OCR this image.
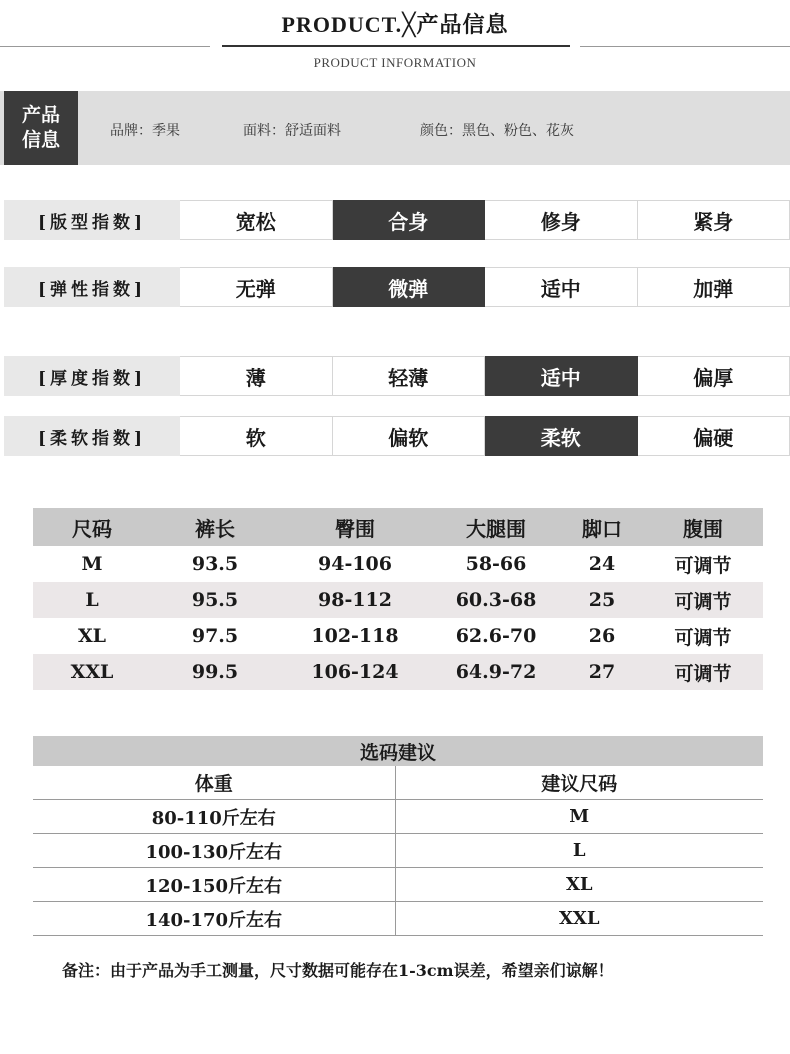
PRODUCT.╳产品信息
PRODUCT INFORMATION
产品信息	品牌：季果	面料：舒适面料	颜色：黑色、粉色、花灰
[版型指数]	宽松	合身	修身	紧身
[弹性指数]	无弹	微弹	适中	加弹
[厚度指数]	薄	轻薄	适中	偏厚
[柔软指数]	软	偏软	柔软	偏硬
尺码	裤长	臀围	大腿围	脚口	腹围
M	93.5	94-106	58-66	24	可调节
L	95.5	98-112	60.3-68	25	可调节
XL	97.5	102-118	62.6-70	26	可调节
XXL	99.5	106-124	64.9-72	27	可调节
选码建议
体重	建议尺码
80-110斤左右	M
100-130斤左右	L
120-150斤左右	XL
140-170斤左右	XXL
备注：由于产品为手工测量，尺寸数据可能存在1-3cm误差，希望亲们谅解！
